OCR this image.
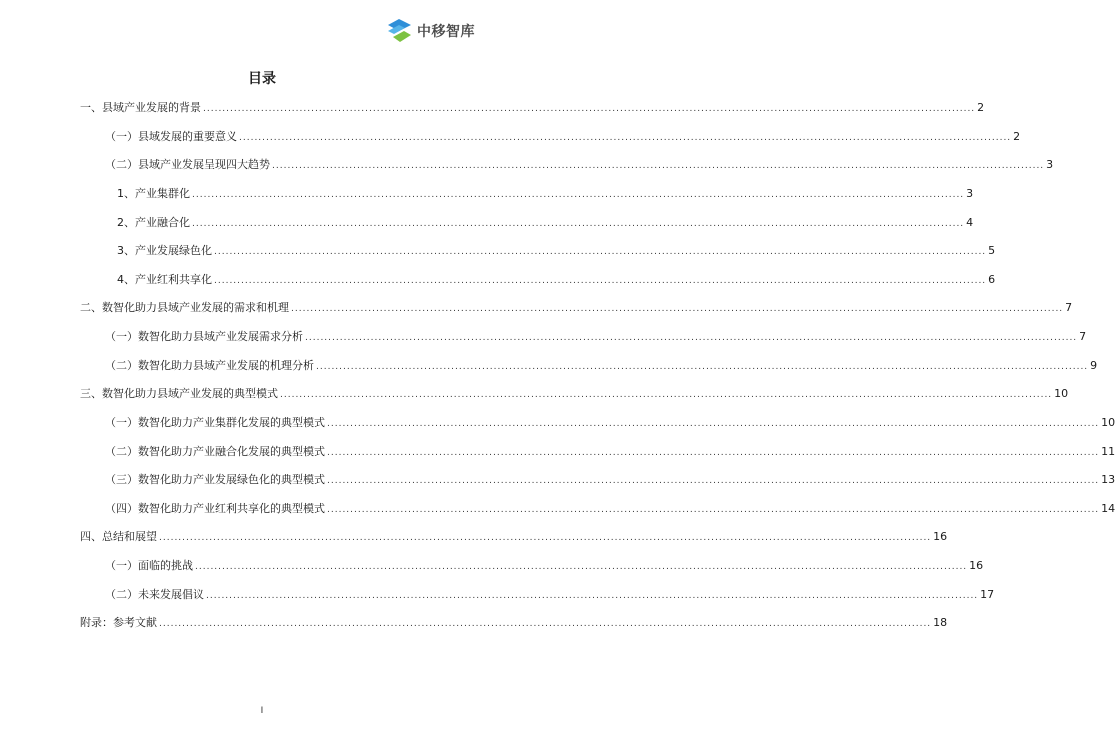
中移智库
目录
一、县域产业发展的背景 ........................................................................................................................................................................................................ 2
（一）县域发展的重要意义 ........................................................................................................................................................................................................ 2
（二）县域产业发展呈现四大趋势 ........................................................................................................................................................................................................ 3
1、产业集群化 ........................................................................................................................................................................................................ 3
2、产业融合化 ........................................................................................................................................................................................................ 4
3、产业发展绿色化 ........................................................................................................................................................................................................ 5
4、产业红利共享化 ........................................................................................................................................................................................................ 6
二、数智化助力县域产业发展的需求和机理 ........................................................................................................................................................................................................ 7
（一）数智化助力县域产业发展需求分析 ........................................................................................................................................................................................................ 7
（二）数智化助力县域产业发展的机理分析 ........................................................................................................................................................................................................ 9
三、数智化助力县域产业发展的典型模式 ........................................................................................................................................................................................................ 10
（一）数智化助力产业集群化发展的典型模式 ........................................................................................................................................................................................................ 10
（二）数智化助力产业融合化发展的典型模式 ........................................................................................................................................................................................................ 11
（三）数智化助力产业发展绿色化的典型模式 ........................................................................................................................................................................................................ 13
（四）数智化助力产业红利共享化的典型模式 ........................................................................................................................................................................................................ 14
四、总结和展望 ........................................................................................................................................................................................................ 16
（一）面临的挑战 ........................................................................................................................................................................................................ 16
（二）未来发展倡议 ........................................................................................................................................................................................................ 17
附录：参考文献 ........................................................................................................................................................................................................ 18
I
